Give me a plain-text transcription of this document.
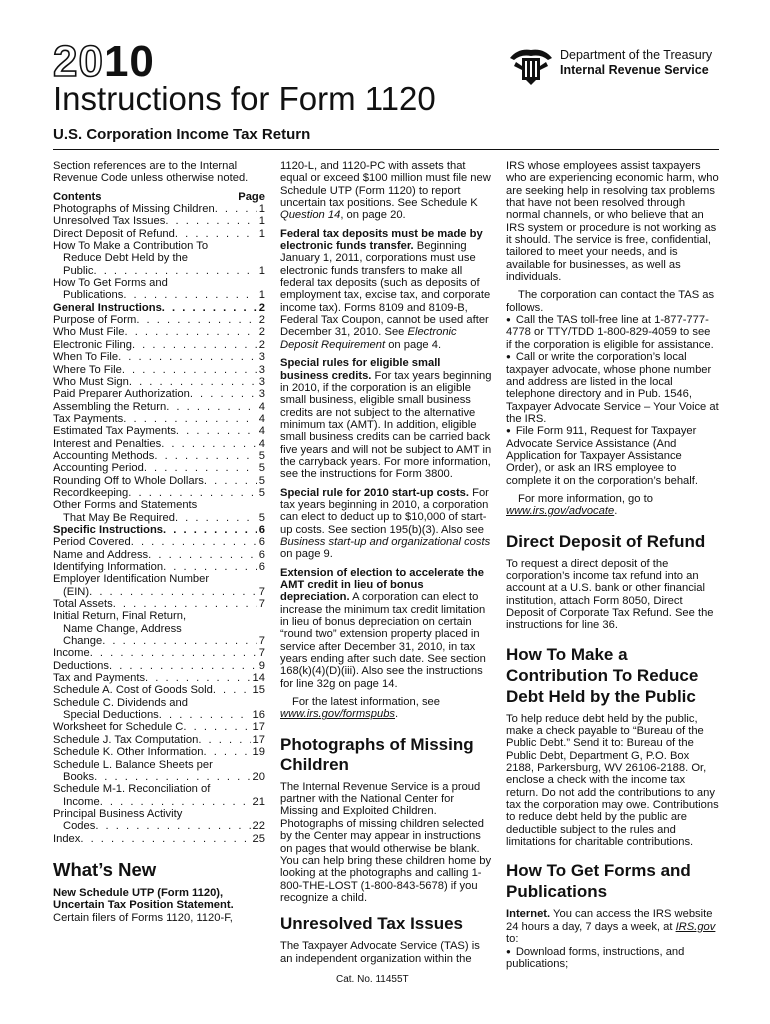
2010	Department of the Treasury
Internal Revenue Service
Instructions for Form 1120
U.S. Corporation Income Tax Return

Section references are to the Internal Revenue Code unless otherwise noted.

Contents	Page
Photographs of Missing Children . . .	1
Unresolved Tax Issues . . .	1
Direct Deposit of Refund . . .	1
How To Make a Contribution To
Reduce Debt Held by the
Public . . .	1
How To Get Forms and
Publications . . .	1
General Instructions . . .	2
Purpose of Form . . .	2
Who Must File . . .	2
Electronic Filing . . .	2
When To File . . .	3
Where To File . . .	3
Who Must Sign . . .	3
Paid Preparer Authorization . . .	3
Assembling the Return . . .	4
Tax Payments . . .	4
Estimated Tax Payments . . .	4
Interest and Penalties . . .	4
Accounting Methods . . .	5
Accounting Period . . .	5
Rounding Off to Whole Dollars . . .	5
Recordkeeping . . .	5
Other Forms and Statements
That May Be Required . . .	5
Specific Instructions . . .	6
Period Covered . . .	6
Name and Address . . .	6
Identifying Information . . .	6
Employer Identification Number
(EIN) . . .	7
Total Assets . . .	7
Initial Return, Final Return,
Name Change, Address
Change . . .	7
Income . . .	7
Deductions . . .	9
Tax and Payments . . .	14
Schedule A. Cost of Goods Sold . . .	15
Schedule C. Dividends and
Special Deductions . . .	16
Worksheet for Schedule C . . .	17
Schedule J. Tax Computation . . .	17
Schedule K. Other Information . . .	19
Schedule L. Balance Sheets per
Books . . .	20
Schedule M-1. Reconciliation of
Income . . .	21
Principal Business Activity
Codes . . .	22
Index . . .	25
What’s New
New Schedule UTP (Form 1120), Uncertain Tax Position Statement.
Certain filers of Forms 1120, 1120-F,

1120-L, and 1120-PC with assets that equal or exceed $100 million must file new Schedule UTP (Form 1120) to report uncertain tax positions. See Schedule K Question 14, on page 20.

Federal tax deposits must be made by electronic funds transfer. Beginning January 1, 2011, corporations must use electronic funds transfers to make all federal tax deposits (such as deposits of employment tax, excise tax, and corporate income tax). Forms 8109 and 8109-B, Federal Tax Coupon, cannot be used after December 31, 2010. See Electronic Deposit Requirement on page 4.

Special rules for eligible small business credits. For tax years beginning in 2010, if the corporation is an eligible small business, eligible small business credits are not subject to the alternative minimum tax (AMT). In addition, eligible small business credits can be carried back five years and will not be subject to AMT in the carryback years. For more information, see the instructions for Form 3800.

Special rule for 2010 start-up costs. For tax years beginning in 2010, a corporation can elect to deduct up to $10,000 of start-up costs. See section 195(b)(3). Also see Business start-up and organizational costs on page 9.

Extension of election to accelerate the AMT credit in lieu of bonus depreciation. A corporation can elect to increase the minimum tax credit limitation in lieu of bonus depreciation on certain “round two” extension property placed in service after December 31, 2010, in tax years ending after such date. See section 168(k)(4)(D)(iii). Also see the instructions for line 32g on page 14.

For the latest information, see www.irs.gov/formspubs.

Photographs of Missing Children

The Internal Revenue Service is a proud partner with the National Center for Missing and Exploited Children. Photographs of missing children selected by the Center may appear in instructions on pages that would otherwise be blank. You can help bring these children home by looking at the photographs and calling 1-800-THE-LOST (1-800-843-5678) if you recognize a child.

Unresolved Tax Issues

The Taxpayer Advocate Service (TAS) is an independent organization within the

IRS whose employees assist taxpayers who are experiencing economic harm, who are seeking help in resolving tax problems that have not been resolved through normal channels, or who believe that an IRS system or procedure is not working as it should. The service is free, confidential, tailored to meet your needs, and is available for businesses, as well as individuals.

The corporation can contact the TAS as follows.
● Call the TAS toll-free line at 1-877-777-4778 or TTY/TDD 1-800-829-4059 to see if the corporation is eligible for assistance.
● Call or write the corporation’s local taxpayer advocate, whose phone number and address are listed in the local telephone directory and in Pub. 1546, Taxpayer Advocate Service – Your Voice at the IRS.

● File Form 911, Request for Taxpayer Advocate Service Assistance (And Application for Taxpayer Assistance Order), or ask an IRS employee to complete it on the corporation’s behalf.

For more information, go to www.irs.gov/advocate.

Direct Deposit of Refund

To request a direct deposit of the corporation’s income tax refund into an account at a U.S. bank or other financial institution, attach Form 8050, Direct Deposit of Corporate Tax Refund. See the instructions for line 36.

How To Make a Contribution To Reduce Debt Held by the Public

To help reduce debt held by the public, make a check payable to “Bureau of the Public Debt.” Send it to: Bureau of the Public Debt, Department G, P.O. Box 2188, Parkersburg, WV 26106-2188. Or, enclose a check with the income tax return. Do not add the contributions to any tax the corporation may owe. Contributions to reduce debt held by the public are deductible subject to the rules and limitations for charitable contributions.

How To Get Forms and Publications
Internet. You can access the IRS website 24 hours a day, 7 days a week, at IRS.gov to:
● Download forms, instructions, and publications;
Cat. No. 11455T
